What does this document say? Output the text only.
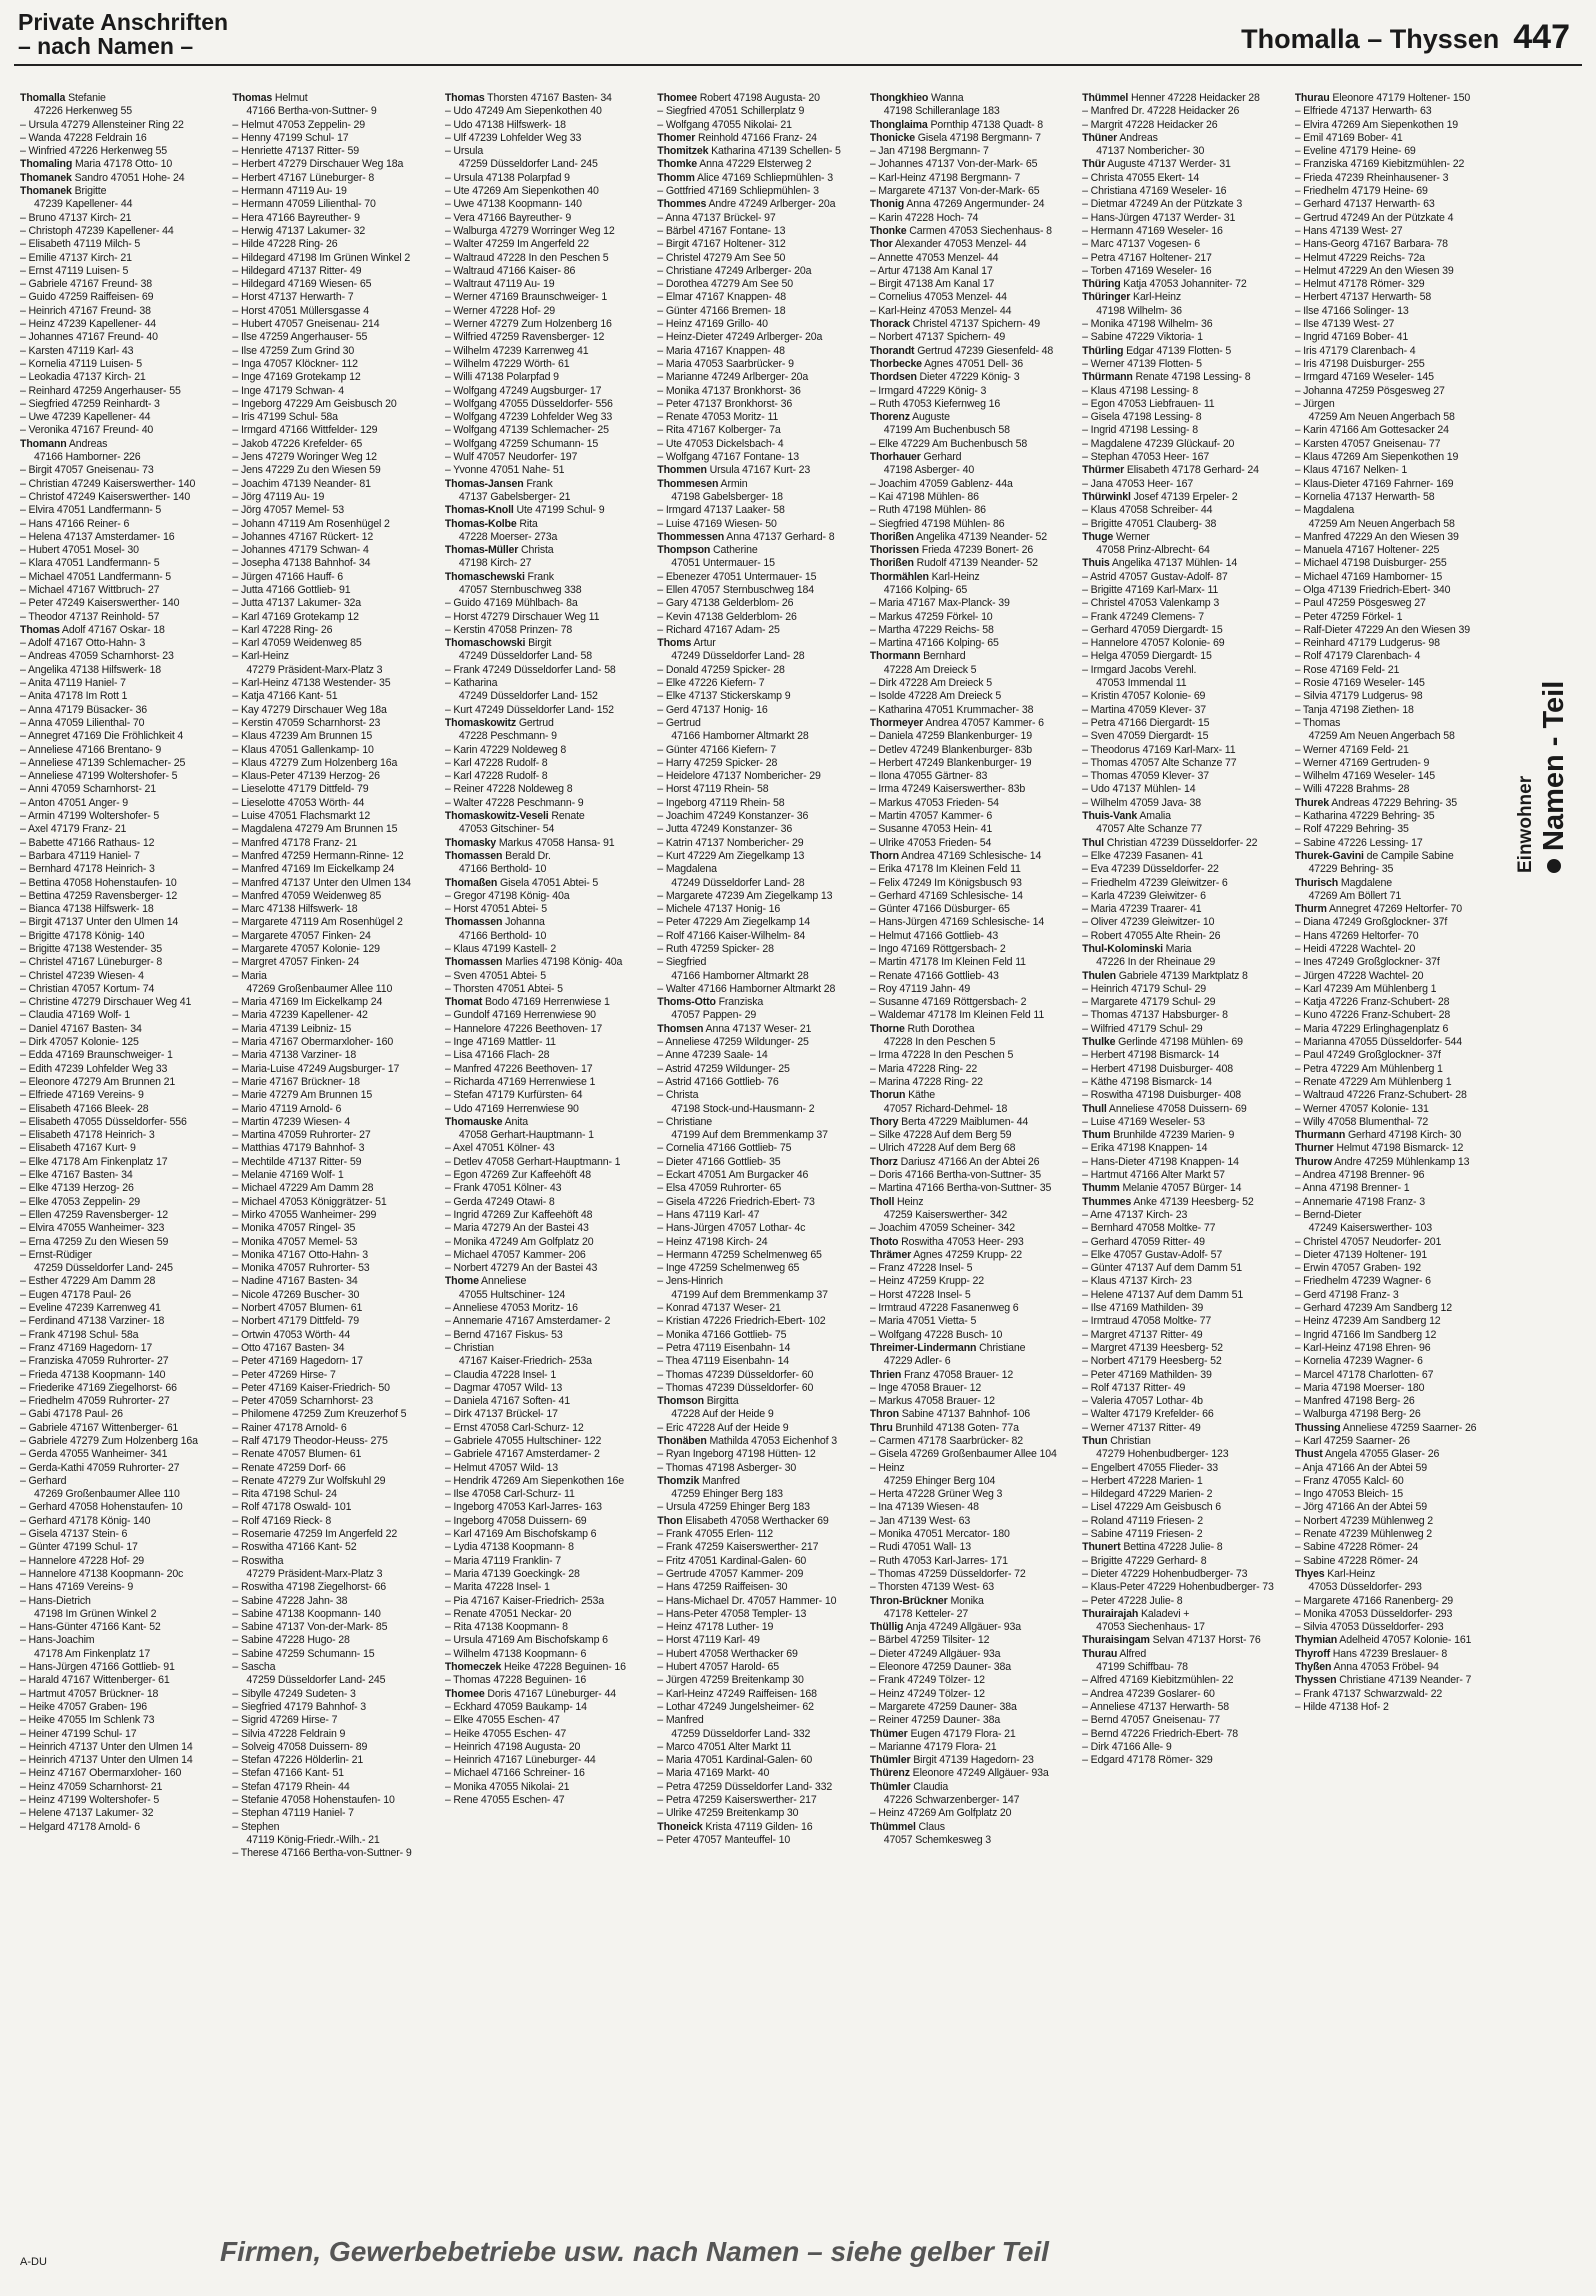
Private Anschriften
– nach Namen –	Thomalla – Thyssen 447
Thomalla Stefanie
47226 Herkenweg 55
– Ursula 47279 Allensteiner Ring 22
– Wanda 47228 Feldrain 16
– Winfried 47226 Herkenweg 55
Thomaling Maria 47178 Otto- 10
Thomanek Sandro 47051 Hohe- 24
Thomanek Brigitte
47239 Kapellener- 44
– Bruno 47137 Kirch- 21
– Christoph 47239 Kapellener- 44
– Elisabeth 47119 Milch- 5
– Emilie 47137 Kirch- 21
– Ernst 47119 Luisen- 5
– Gabriele 47167 Freund- 38
– Guido 47259 Raiffeisen- 69
– Heinrich 47167 Freund- 38
– Heinz 47239 Kapellener- 44
– Johannes 47167 Freund- 40
– Karsten 47119 Karl- 43
– Kornelia 47119 Luisen- 5
– Leokadia 47137 Kirch- 21
– Reinhard 47259 Angerhauser- 55
– Siegfried 47259 Reinhardt- 3
– Uwe 47239 Kapellener- 44
– Veronika 47167 Freund- 40
Thomann Andreas
47166 Hamborner- 226
– Birgit 47057 Gneisenau- 73
– Christian 47249 Kaiserswerther- 140
– Christof 47249 Kaiserswerther- 140
– Elvira 47051 Landfermann- 5
– Hans 47166 Reiner- 6
– Helena 47137 Amsterdamer- 16
– Hubert 47051 Mosel- 30
– Klara 47051 Landfermann- 5
– Michael 47051 Landfermann- 5
– Michael 47167 Wittbruch- 27
– Peter 47249 Kaiserswerther- 140
– Theodor 47137 Reinhold- 57
Thomas Adolf 47167 Oskar- 18
– Adolf 47167 Otto-Hahn- 3
– Andreas 47059 Scharnhorst- 23
– Angelika 47138 Hilfswerk- 18
– Anita 47119 Haniel- 7
– Anita 47178 Im Rott 1
– Anna 47179 Büsacker- 36
– Anna 47059 Lilienthal- 70
– Annegret 47169 Die Fröhlichkeit 4
– Anneliese 47166 Brentano- 9
– Anneliese 47139 Schlemacher- 25
– Anneliese 47199 Woltershofer- 5
– Anni 47059 Scharnhorst- 21
– Anton 47051 Anger- 9
– Armin 47199 Woltershofer- 5
– Axel 47179 Franz- 21
– Babette 47166 Rathaus- 12
– Barbara 47119 Haniel- 7
– Bernhard 47178 Heinrich- 3
– Bettina 47058 Hohenstaufen- 10
– Bettina 47259 Ravensberger- 12
– Bianca 47138 Hilfswerk- 18
– Birgit 47137 Unter den Ulmen 14
– Brigitte 47178 König- 140
– Brigitte 47138 Westender- 35
– Christel 47167 Lüneburger- 8
– Christel 47239 Wiesen- 4
– Christian 47057 Kortum- 74
– Christine 47279 Dirschauer Weg 41
– Claudia 47169 Wolf- 1
– Daniel 47167 Basten- 34
– Dirk 47057 Kolonie- 125
– Edda 47169 Braunschweiger- 1
– Edith 47239 Lohfelder Weg 33
– Eleonore 47279 Am Brunnen 21
– Elfriede 47169 Vereins- 9
– Elisabeth 47166 Bleek- 28
– Elisabeth 47055 Düsseldorfer- 556
– Elisabeth 47178 Heinrich- 3
– Elisabeth 47167 Kurt- 9
– Elke 47178 Am Finkenplatz 17
– Elke 47167 Basten- 34
– Elke 47139 Herzog- 26
– Elke 47053 Zeppelin- 29
– Ellen 47259 Ravensberger- 12
– Elvira 47055 Wanheimer- 323
– Erna 47259 Zu den Wiesen 59
– Ernst-Rüdiger
47259 Düsseldorfer Land- 245
– Esther 47229 Am Damm 28
– Eugen 47178 Paul- 26
– Eveline 47239 Karrenweg 41
– Ferdinand 47138 Varziner- 18
– Frank 47198 Schul- 58a
– Franz 47169 Hagedorn- 17
– Franziska 47059 Ruhrorter- 27
– Frieda 47138 Koopmann- 140
– Friederike 47169 Ziegelhorst- 66
– Friedhelm 47059 Ruhrorter- 27
– Gabi 47178 Paul- 26
– Gabriele 47167 Wittenberger- 61
– Gabriele 47279 Zum Holzenberg 16a
– Gerda 47055 Wanheimer- 341
– Gerda-Kathi 47059 Ruhrorter- 27
– Gerhard
47269 Großenbaumer Allee 110
– Gerhard 47058 Hohenstaufen- 10
– Gerhard 47178 König- 140
– Gisela 47137 Stein- 6
– Günter 47199 Schul- 17
– Hannelore 47228 Hof- 29
– Hannelore 47138 Koopmann- 20c
– Hans 47169 Vereins- 9
– Hans-Dietrich
47198 Im Grünen Winkel 2
– Hans-Günter 47166 Kant- 52
– Hans-Joachim
47178 Am Finkenplatz 17
– Hans-Jürgen 47166 Gottlieb- 91
– Harald 47167 Wittenberger- 61
– Hartmut 47057 Brückner- 18
– Heike 47057 Graben- 196
– Heike 47055 Im Schlenk 73
– Heiner 47199 Schul- 17
– Heinrich 47137 Unter den Ulmen 14
– Heinrich 47137 Unter den Ulmen 14
– Heinz 47167 Obermarxloher- 160
– Heinz 47059 Scharnhorst- 21
– Heinz 47199 Woltershofer- 5
– Helene 47137 Lakumer- 32
– Helgard 47178 Arnold- 6
Thomas Helmut
47166 Bertha-von-Suttner- 9
– Helmut 47053 Zeppelin- 29
– Henny 47199 Schul- 17
– Henriette 47137 Ritter- 59
– Herbert 47279 Dirschauer Weg 18a
– Herbert 47167 Lüneburger- 8
– Hermann 47119 Au- 19
– Hermann 47059 Lilienthal- 70
– Hera 47166 Bayreuther- 9
– Herwig 47137 Lakumer- 32
– Hilde 47228 Ring- 26
– Hildegard 47198 Im Grünen Winkel 2
– Hildegard 47137 Ritter- 49
– Hildegard 47169 Wiesen- 65
– Horst 47137 Herwarth- 7
– Horst 47051 Müllersgasse 4
– Hubert 47057 Gneisenau- 214
– Ilse 47259 Angerhauser- 55
– Ilse 47259 Zum Grind 30
– Inga 47057 Klöckner- 112
– Inge 47169 Grotekamp 12
– Inge 47179 Schwan- 4
– Ingeborg 47229 Am Geisbusch 20
– Iris 47199 Schul- 58a
– Irmgard 47166 Wittfelder- 129
– Jakob 47226 Krefelder- 65
– Jens 47279 Woringer Weg 12
– Jens 47229 Zu den Wiesen 59
– Joachim 47139 Neander- 81
– Jörg 47119 Au- 19
– Jörg 47057 Memel- 53
– Johann 47119 Am Rosenhügel 2
– Johannes 47167 Rückert- 12
– Johannes 47179 Schwan- 4
– Josepha 47138 Bahnhof- 34
– Jürgen 47166 Hauff- 6
– Jutta 47166 Gottlieb- 91
– Jutta 47137 Lakumer- 32a
– Karl 47169 Grotekamp 12
– Karl 47228 Ring- 26
– Karl 47059 Weidenweg 85
– Karl-Heinz
47279 Präsident-Marx-Platz 3
– Karl-Heinz 47138 Westender- 35
– Katja 47166 Kant- 51
– Kay 47279 Dirschauer Weg 18a
– Kerstin 47059 Scharnhorst- 23
– Klaus 47239 Am Brunnen 15
– Klaus 47051 Gallenkamp- 10
– Klaus 47279 Zum Holzenberg 16a
– Klaus-Peter 47139 Herzog- 26
– Lieselotte 47179 Dittfeld- 79
– Lieselotte 47053 Wörth- 44
– Luise 47051 Flachsmarkt 12
– Magdalena 47279 Am Brunnen 15
– Manfred 47178 Franz- 21
– Manfred 47259 Hermann-Rinne- 12
– Manfred 47169 Im Eickelkamp 24
– Manfred 47137 Unter den Ulmen 134
– Manfred 47059 Weidenweg 85
– Marc 47138 Hilfswerk- 18
– Margarete 47119 Am Rosenhügel 2
– Margarete 47057 Finken- 24
– Margarete 47057 Kolonie- 129
– Margret 47057 Finken- 24
– Maria
47269 Großenbaumer Allee 110
– Maria 47169 Im Eickelkamp 24
– Maria 47239 Kapellener- 42
– Maria 47139 Leibniz- 15
– Maria 47167 Obermarxloher- 160
– Maria 47138 Varziner- 18
– Maria-Luise 47249 Augsburger- 17
– Marie 47167 Brückner- 18
– Marie 47279 Am Brunnen 15
– Mario 47119 Arnold- 6
– Martin 47239 Wiesen- 4
– Martina 47059 Ruhrorter- 27
– Matthias 47179 Bahnhof- 3
– Mechtilde 47137 Ritter- 59
– Melanie 47169 Wolf- 1
– Michael 47229 Am Damm 28
– Michael 47053 Königgrätzer- 51
– Mirko 47055 Wanheimer- 299
– Monika 47057 Ringel- 35
– Monika 47057 Memel- 53
– Monika 47167 Otto-Hahn- 3
– Monika 47057 Ruhrorter- 53
– Nadine 47167 Basten- 34
– Nicole 47269 Buscher- 30
– Norbert 47057 Blumen- 61
– Norbert 47179 Dittfeld- 79
– Ortwin 47053 Wörth- 44
– Otto 47167 Basten- 34
– Peter 47169 Hagedorn- 17
– Peter 47269 Hirse- 7
– Peter 47169 Kaiser-Friedrich- 50
– Peter 47059 Scharnhorst- 23
– Philomene 47259 Zum Kreuzerhof 5
– Rainer 47178 Arnold- 6
– Ralf 47179 Theodor-Heuss- 275
– Renate 47057 Blumen- 61
– Renate 47259 Dorf- 66
– Renate 47279 Zur Wolfskuhl 29
– Rita 47198 Schul- 24
– Rolf 47178 Oswald- 101
– Rolf 47169 Rieck- 8
– Rosemarie 47259 Im Angerfeld 22
– Roswitha 47166 Kant- 52
– Roswitha
47279 Präsident-Marx-Platz 3
– Roswitha 47198 Ziegelhorst- 66
– Sabine 47228 Jahn- 38
– Sabine 47138 Koopmann- 140
– Sabine 47137 Von-der-Mark- 85
– Sabine 47228 Hugo- 28
– Sabine 47259 Schumann- 15
– Sascha
47259 Düsseldorfer Land- 245
– Sibylle 47249 Sudeten- 3
– Siegfried 47179 Bahnhof- 3
– Sigrid 47269 Hirse- 7
– Silvia 47228 Feldrain 9
– Solveig 47058 Duissern- 89
– Stefan 47226 Hölderlin- 21
– Stefan 47166 Kant- 51
– Stefan 47179 Rhein- 44
– Stefanie 47058 Hohenstaufen- 10
– Stephan 47119 Haniel- 7
– Stephen
47119 König-Friedr.-Wilh.- 21
– Therese 47166 Bertha-von-Suttner- 9
Thomas Thorsten 47167 Basten- 34
– Udo 47249 Am Siepenkothen 40
– Udo 47138 Hilfswerk- 18
– Ulf 47239 Lohfelder Weg 33
– Ursula
47259 Düsseldorfer Land- 245
– Ursula 47138 Polarpfad 9
– Ute 47269 Am Siepenkothen 40
– Uwe 47138 Koopmann- 140
– Vera 47166 Bayreuther- 9
– Walburga 47279 Worringer Weg 12
– Walter 47259 Im Angerfeld 22
– Waltraud 47228 In den Peschen 5
– Waltraud 47166 Kaiser- 86
– Waltraut 47119 Au- 19
– Werner 47169 Braunschweiger- 1
– Werner 47228 Hof- 29
– Werner 47279 Zum Holzenberg 16
– Wilfried 47259 Ravensberger- 12
– Wilhelm 47239 Karrenweg 41
– Wilhelm 47229 Wörth- 61
– Willi 47138 Polarpfad 9
– Wolfgang 47249 Augsburger- 17
– Wolfgang 47055 Düsseldorfer- 556
– Wolfgang 47239 Lohfelder Weg 33
– Wolfgang 47139 Schlemacher- 25
– Wolfgang 47259 Schumann- 15
– Wulf 47057 Neudorfer- 197
– Yvonne 47051 Nahe- 51
Thomas-Jansen Frank
47137 Gabelsberger- 21
Thomas-Knoll Ute 47199 Schul- 9
Thomas-Kolbe Rita
47228 Moerser- 273a
Thomas-Müller Christa
47198 Kirch- 27
Thomaschewski Frank
47057 Sternbuschweg 338
– Guido 47169 Mühlbach- 8a
– Horst 47279 Dirschauer Weg 11
– Kerstin 47058 Prinzen- 78
Thomaschowski Birgit
47249 Düsseldorfer Land- 58
– Frank 47249 Düsseldorfer Land- 58
– Katharina
47249 Düsseldorfer Land- 152
– Kurt 47249 Düsseldorfer Land- 152
Thomaskowitz Gertrud
47228 Peschmann- 9
– Karin 47229 Noldeweg 8
– Karl 47228 Rudolf- 8
– Karl 47228 Rudolf- 8
– Reiner 47228 Noldeweg 8
– Walter 47228 Peschmann- 9
Thomaskowitz-Veseli Renate
47053 Gitschiner- 54
Thomasky Markus 47058 Hansa- 91
Thomassen Berald Dr.
47166 Berthold- 10
Thomaßen Gisela 47051 Abtei- 5
– Gregor 47198 König- 40a
– Horst 47051 Abtei- 5
Thomassen Johanna
47166 Berthold- 10
– Klaus 47199 Kastell- 2
Thomassen Marlies 47198 König- 40a
– Sven 47051 Abtei- 5
– Thorsten 47051 Abtei- 5
Thomat Bodo 47169 Herrenwiese 1
– Gundolf 47169 Herrenwiese 90
– Hannelore 47226 Beethoven- 17
– Inge 47169 Mattler- 11
– Lisa 47166 Flach- 28
– Manfred 47226 Beethoven- 17
– Richarda 47169 Herrenwiese 1
– Stefan 47179 Kurfürsten- 64
– Udo 47169 Herrenwiese 90
Thomauske Anita
47058 Gerhart-Hauptmann- 1
– Axel 47051 Kölner- 43
– Detlev 47058 Gerhart-Hauptmann- 1
– Egon 47269 Zur Kaffeehöft 48
– Frank 47051 Kölner- 43
– Gerda 47249 Otawi- 8
– Ingrid 47269 Zur Kaffeehöft 48
– Maria 47279 An der Bastei 43
– Monika 47249 Am Golfplatz 20
– Michael 47057 Kammer- 206
– Norbert 47279 An der Bastei 43
Thome Anneliese
47055 Hultschiner- 124
– Anneliese 47053 Moritz- 16
– Annemarie 47167 Amsterdamer- 2
– Bernd 47167 Fiskus- 53
– Christian
47167 Kaiser-Friedrich- 253a
– Claudia 47228 Insel- 1
– Dagmar 47057 Wild- 13
– Daniela 47167 Soften- 41
– Dirk 47137 Brückel- 17
– Ernst 47058 Carl-Schurz- 12
– Gabriele 47055 Hultschiner- 122
– Gabriele 47167 Amsterdamer- 2
– Helmut 47057 Wild- 13
– Hendrik 47269 Am Siepenkothen 16e
– Ilse 47058 Carl-Schurz- 11
– Ingeborg 47053 Karl-Jarres- 163
– Ingeborg 47058 Duissern- 69
– Karl 47169 Am Bischofskamp 6
– Lydia 47138 Koopmann- 8
– Maria 47119 Franklin- 7
– Maria 47139 Goeckingk- 28
– Marita 47228 Insel- 1
– Pia 47167 Kaiser-Friedrich- 253a
– Renate 47051 Neckar- 20
– Rita 47138 Koopmann- 8
– Ursula 47169 Am Bischofskamp 6
– Wilhelm 47138 Koopmann- 6
Thomeczek Heike 47228 Beguinen- 16
– Thomas 47228 Beguinen- 16
Thomee Doris 47167 Lüneburger- 44
– Eckhard 47059 Baukamp- 14
– Elke 47055 Eschen- 47
– Heike 47055 Eschen- 47
– Heinrich 47198 Augusta- 20
– Heinrich 47167 Lüneburger- 44
– Michael 47166 Schreiner- 16
– Monika 47055 Nikolai- 21
– Rene 47055 Eschen- 47
Thomee Robert 47198 Augusta- 20
– Siegfried 47051 Schillerplatz 9
– Wolfgang 47055 Nikolai- 21
Thomer Reinhold 47166 Franz- 24
Thomitzek Katharina 47139 Schellen- 5
Thomke Anna 47229 Elsterweg 2
Thomm Alice 47169 Schliepmühlen- 3
– Gottfried 47169 Schliepmühlen- 3
Thommes Andre 47249 Arlberger- 20a
– Anna 47137 Brückel- 97
– Bärbel 47167 Fontane- 13
– Birgit 47167 Holtener- 312
– Christel 47279 Am See 50
– Christiane 47249 Arlberger- 20a
– Dorothea 47279 Am See 50
– Elmar 47167 Knappen- 48
– Günter 47166 Bremen- 18
– Heinz 47169 Grillo- 40
– Heinz-Dieter 47249 Arlberger- 20a
– Maria 47167 Knappen- 48
– Maria 47053 Saarbrücker- 9
– Marianne 47249 Arlberger- 20a
– Monika 47137 Bronkhorst- 36
– Peter 47137 Bronkhorst- 36
– Renate 47053 Moritz- 11
– Rita 47167 Kolberger- 7a
– Ute 47053 Dickelsbach- 4
– Wolfgang 47167 Fontane- 13
Thommen Ursula 47167 Kurt- 23
Thommesen Armin
47198 Gabelsberger- 18
– Irmgard 47137 Laaker- 58
– Luise 47169 Wiesen- 50
Thommessen Anna 47137 Gerhard- 8
Thompson Catherine
47051 Untermauer- 15
– Ebenezer 47051 Untermauer- 15
– Ellen 47057 Sternbuschweg 184
– Gary 47138 Gelderblom- 26
– Kevin 47138 Gelderblom- 26
– Richard 47167 Adam- 25
Thoms Artur
47249 Düsseldorfer Land- 28
– Donald 47259 Spicker- 28
– Elke 47226 Kiefern- 7
– Elke 47137 Stickerskamp 9
– Gerd 47137 Honig- 16
– Gertrud
47166 Hamborner Altmarkt 28
– Günter 47166 Kiefern- 7
– Harry 47259 Spicker- 28
– Heidelore 47137 Nombericher- 29
– Horst 47119 Rhein- 58
– Ingeborg 47119 Rhein- 58
– Joachim 47249 Konstanzer- 36
– Jutta 47249 Konstanzer- 36
– Katrin 47137 Nombericher- 29
– Kurt 47229 Am Ziegelkamp 13
– Magdalena
47249 Düsseldorfer Land- 28
– Margarete 47239 Am Ziegelkamp 13
– Michele 47137 Honig- 16
– Peter 47229 Am Ziegelkamp 14
– Rolf 47166 Kaiser-Wilhelm- 84
– Ruth 47259 Spicker- 28
– Siegfried
47166 Hamborner Altmarkt 28
– Walter 47166 Hamborner Altmarkt 28
Thoms-Otto Franziska
47057 Pappen- 29
Thomsen Anna 47137 Weser- 21
– Anneliese 47259 Wildunger- 25
– Anne 47239 Saale- 14
– Astrid 47259 Wildunger- 25
– Astrid 47166 Gottlieb- 76
– Christa
47198 Stock-und-Hausmann- 2
– Christiane
47199 Auf dem Bremmenkamp 37
– Cornelia 47166 Gottlieb- 75
– Dieter 47166 Gottlieb- 35
– Eckart 47051 Am Burgacker 46
– Elsa 47059 Ruhrorter- 65
– Gisela 47226 Friedrich-Ebert- 73
– Hans 47119 Karl- 47
– Hans-Jürgen 47057 Lothar- 4c
– Heinz 47198 Kirch- 24
– Hermann 47259 Schelmenweg 65
– Inge 47259 Schelmenweg 65
– Jens-Hinrich
47199 Auf dem Bremmenkamp 37
– Konrad 47137 Weser- 21
– Kristian 47226 Friedrich-Ebert- 102
– Monika 47166 Gottlieb- 75
– Petra 47119 Eisenbahn- 14
– Thea 47119 Eisenbahn- 14
– Thomas 47239 Düsseldorfer- 60
– Thomas 47239 Düsseldorfer- 60
Thomson Birgitta
47228 Auf der Heide 9
– Eric 47228 Auf der Heide 9
Thonäben Mathilda 47053 Eichenhof 3
– Ryan Ingeborg 47198 Hütten- 12
– Thomas 47198 Asberger- 30
Thomzik Manfred
47259 Ehinger Berg 183
– Ursula 47259 Ehinger Berg 183
Thon Elisabeth 47058 Werthacker 69
– Frank 47055 Erlen- 112
– Frank 47259 Kaiserswerther- 217
– Fritz 47051 Kardinal-Galen- 60
– Gertrude 47057 Kammer- 209
– Hans 47259 Raiffeisen- 30
– Hans-Michael Dr. 47057 Hammer- 10
– Hans-Peter 47058 Templer- 13
– Heinz 47178 Luther- 19
– Horst 47119 Karl- 49
– Hubert 47058 Werthacker 69
– Hubert 47057 Harold- 65
– Jürgen 47259 Breitenkamp 30
– Karl-Heinz 47249 Raiffeisen- 168
– Lothar 47249 Jungelsheimer- 62
– Manfred
47259 Düsseldorfer Land- 332
– Marco 47051 Alter Markt 11
– Maria 47051 Kardinal-Galen- 60
– Maria 47169 Markt- 40
– Petra 47259 Düsseldorfer Land- 332
– Petra 47259 Kaiserswerther- 217
– Ulrike 47259 Breitenkamp 30
Thoneick Krista 47119 Gilden- 16
– Peter 47057 Manteuffel- 10
Thongkhieo Wanna
47198 Schilleranlage 183
Thonglaima Pornthip 47138 Quadt- 8
Thonicke Gisela 47198 Bergmann- 7
– Jan 47198 Bergmann- 7
– Johannes 47137 Von-der-Mark- 65
– Karl-Heinz 47198 Bergmann- 7
– Margarete 47137 Von-der-Mark- 65
Thonig Anna 47269 Angermunder- 24
– Karin 47228 Hoch- 74
Thonke Carmen 47053 Siechenhaus- 8
Thor Alexander 47053 Menzel- 44
– Annette 47053 Menzel- 44
– Artur 47138 Am Kanal 17
– Birgit 47138 Am Kanal 17
– Cornelius 47053 Menzel- 44
– Karl-Heinz 47053 Menzel- 44
Thorack Christel 47137 Spichern- 49
– Norbert 47137 Spichern- 49
Thorandt Gertrud 47239 Giesenfeld- 48
Thorbecke Agnes 47051 Dell- 36
Thordsen Dieter 47229 König- 3
– Irmgard 47229 König- 3
– Ruth 47053 Kiefernweg 16
Thorenz Auguste
47199 Am Buchenbusch 58
– Elke 47229 Am Buchenbusch 58
Thorhauer Gerhard
47198 Asberger- 40
– Joachim 47059 Gablenz- 44a
– Kai 47198 Mühlen- 86
– Ruth 47198 Mühlen- 86
– Siegfried 47198 Mühlen- 86
Thorißen Angelika 47139 Neander- 52
Thorissen Frieda 47239 Bonert- 26
Thorißen Rudolf 47139 Neander- 52
Thormählen Karl-Heinz
47166 Kolping- 65
– Maria 47167 Max-Planck- 39
– Markus 47259 Förkel- 10
– Martha 47229 Reichs- 58
– Martina 47166 Kolping- 65
Thormann Bernhard
47228 Am Dreieck 5
– Dirk 47228 Am Dreieck 5
– Isolde 47228 Am Dreieck 5
– Katharina 47051 Krummacher- 38
Thormeyer Andrea 47057 Kammer- 6
– Daniela 47259 Blankenburger- 19
– Detlev 47249 Blankenburger- 83b
– Herbert 47249 Blankenburger- 19
– Ilona 47055 Gärtner- 83
– Irma 47249 Kaiserswerther- 83b
– Markus 47053 Frieden- 54
– Martin 47057 Kammer- 6
– Susanne 47053 Hein- 41
– Ulrike 47053 Frieden- 54
Thorn Andrea 47169 Schlesische- 14
– Erika 47178 Im Kleinen Feld 11
– Felix 47249 Im Königsbusch 93
– Gerhard 47169 Schlesische- 14
– Günter 47166 Düsburger- 65
– Hans-Jürgen 47169 Schlesische- 14
– Helmut 47166 Gottlieb- 43
– Ingo 47169 Röttgersbach- 2
– Martin 47178 Im Kleinen Feld 11
– Renate 47166 Gottlieb- 43
– Roy 47119 Jahn- 49
– Susanne 47169 Röttgersbach- 2
– Waldemar 47178 Im Kleinen Feld 11
Thorne Ruth Dorothea
47228 In den Peschen 5
– Irma 47228 In den Peschen 5
– Maria 47228 Ring- 22
– Marina 47228 Ring- 22
Thorun Käthe
47057 Richard-Dehmel- 18
Thory Berta 47229 Maiblumen- 44
– Silke 47228 Auf dem Berg 59
– Ulrich 47228 Auf dem Berg 68
Thorz Dariusz 47166 An der Abtei 26
– Doris 47166 Bertha-von-Suttner- 35
– Martina 47166 Bertha-von-Suttner- 35
Tholl Heinz
47259 Kaiserswerther- 342
– Joachim 47059 Scheiner- 342
Thoto Roswitha 47053 Heer- 293
Thrämer Agnes 47259 Krupp- 22
– Franz 47228 Insel- 5
– Heinz 47259 Krupp- 22
– Horst 47228 Insel- 5
– Irmtraud 47228 Fasanenweg 6
– Maria 47051 Vietta- 5
– Wolfgang 47228 Busch- 10
Threimer-Lindermann Christiane
47229 Adler- 6
Thrien Franz 47058 Brauer- 12
– Inge 47058 Brauer- 12
– Markus 47058 Brauer- 12
Thron Sabine 47137 Bahnhof- 106
Thru Brunhild 47138 Goten- 77a
– Carmen 47178 Saarbrücker- 82
– Gisela 47269 Großenbaumer Allee 104
– Heinz
47259 Ehinger Berg 104
– Herta 47228 Grüner Weg 3
– Ina 47139 Wiesen- 48
– Jan 47139 West- 63
– Monika 47051 Mercator- 180
– Rudi 47051 Wall- 13
– Ruth 47053 Karl-Jarres- 171
– Thomas 47259 Düsseldorfer- 72
– Thorsten 47139 West- 63
Thron-Brückner Monika
47178 Ketteler- 27
Thüllig Anja 47249 Allgäuer- 93a
– Bärbel 47259 Tilsiter- 12
– Dieter 47249 Allgäuer- 93a
– Eleonore 47259 Dauner- 38a
– Frank 47249 Tölzer- 12
– Heinz 47249 Tölzer- 12
– Margarete 47259 Dauner- 38a
– Reiner 47259 Dauner- 38a
Thümer Eugen 47179 Flora- 21
– Marianne 47179 Flora- 21
Thümler Birgit 47139 Hagedorn- 23
Thürenz Eleonore 47249 Allgäuer- 93a
Thümler Claudia
47226 Schwarzenberger- 147
– Heinz 47269 Am Golfplatz 20
Thümmel Claus
47057 Schemkesweg 3
Thümmel Henner 47228 Heidacker 28
– Manfred Dr. 47228 Heidacker 26
– Margrit 47228 Heidacker 26
Thüner Andreas
47137 Nombericher- 30
Thür Auguste 47137 Werder- 31
– Christa 47055 Ekert- 14
– Christiana 47169 Weseler- 16
– Dietmar 47249 An der Pützkate 3
– Hans-Jürgen 47137 Werder- 31
– Hermann 47169 Weseler- 16
– Marc 47137 Vogesen- 6
– Petra 47167 Holtener- 217
– Torben 47169 Weseler- 16
Thüring Katja 47053 Johanniter- 72
Thüringer Karl-Heinz
47198 Wilhelm- 36
– Monika 47198 Wilhelm- 36
– Sabine 47229 Viktoria- 1
Thürling Edgar 47139 Flotten- 5
– Werner 47139 Flotten- 5
Thürmann Renate 47198 Lessing- 8
– Klaus 47198 Lessing- 8
– Egon 47053 Liebfrauen- 11
– Gisela 47198 Lessing- 8
– Ingrid 47198 Lessing- 8
– Magdalene 47239 Glückauf- 20
– Stephan 47053 Heer- 167
Thürmer Elisabeth 47178 Gerhard- 24
– Jana 47053 Heer- 167
Thürwinkl Josef 47139 Erpeler- 2
– Klaus 47058 Schreiber- 44
– Brigitte 47051 Clauberg- 38
Thuge Werner
47058 Prinz-Albrecht- 64
Thuis Angelika 47137 Mühlen- 14
– Astrid 47057 Gustav-Adolf- 87
– Brigitte 47169 Karl-Marx- 11
– Christel 47053 Valenkamp 3
– Frank 47249 Clemens- 7
– Gerhard 47059 Diergardt- 15
– Hannelore 47057 Kolonie- 69
– Helga 47059 Diergardt- 15
– Irmgard Jacobs Verehl.
47053 Immendal 11
– Kristin 47057 Kolonie- 69
– Martina 47059 Klever- 37
– Petra 47166 Diergardt- 15
– Sven 47059 Diergardt- 15
– Theodorus 47169 Karl-Marx- 11
– Thomas 47057 Alte Schanze 77
– Thomas 47059 Klever- 37
– Udo 47137 Mühlen- 14
– Wilhelm 47059 Java- 38
Thuis-Vank Amalia
47057 Alte Schanze 77
Thul Christian 47239 Düsseldorfer- 22
– Elke 47239 Fasanen- 41
– Eva 47239 Düsseldorfer- 22
– Friedhelm 47239 Gleiwitzer- 6
– Karla 47239 Gleiwitzer- 6
– Maria 47239 Traarer- 41
– Oliver 47239 Gleiwitzer- 10
– Robert 47055 Alte Rhein- 26
Thul-Kolominski Maria
47226 In der Rheinaue 29
Thulen Gabriele 47139 Marktplatz 8
– Heinrich 47179 Schul- 29
– Margarete 47179 Schul- 29
– Thomas 47137 Habsburger- 8
– Wilfried 47179 Schul- 29
Thulke Gerlinde 47198 Mühlen- 69
– Herbert 47198 Bismarck- 14
– Herbert 47198 Duisburger- 408
– Käthe 47198 Bismarck- 14
– Roswitha 47198 Duisburger- 408
Thull Anneliese 47058 Duissern- 69
– Luise 47169 Weseler- 53
Thum Brunhilde 47239 Marien- 9
– Erika 47198 Knappen- 14
– Hans-Dieter 47198 Knappen- 14
– Hartmut 47166 Alter Markt 57
Thumm Melanie 47057 Bürger- 14
Thummes Anke 47139 Heesberg- 52
– Arne 47137 Kirch- 23
– Bernhard 47058 Moltke- 77
– Gerhard 47059 Ritter- 49
– Elke 47057 Gustav-Adolf- 57
– Günter 47137 Auf dem Damm 51
– Klaus 47137 Kirch- 23
– Helene 47137 Auf dem Damm 51
– Ilse 47169 Mathilden- 39
– Irmtraud 47058 Moltke- 77
– Margret 47137 Ritter- 49
– Margret 47139 Heesberg- 52
– Norbert 47179 Heesberg- 52
– Peter 47169 Mathilden- 39
– Rolf 47137 Ritter- 49
– Valeria 47057 Lothar- 4b
– Walter 47179 Krefelder- 66
– Werner 47137 Ritter- 49
Thun Christian
47279 Hohenbudberger- 123
– Engelbert 47055 Flieder- 33
– Herbert 47228 Marien- 1
– Hildegard 47229 Marien- 2
– Lisel 47229 Am Geisbusch 6
– Roland 47119 Friesen- 2
– Sabine 47119 Friesen- 2
Thunert Bettina 47228 Julie- 8
– Brigitte 47229 Gerhard- 8
– Dieter 47229 Hohenbudberger- 73
– Klaus-Peter 47229 Hohenbudberger- 73
– Peter 47228 Julie- 8
Thurairajah Kaladevi +
47053 Siechenhaus- 17
Thuraisingam Selvan 47137 Horst- 76
Thurau Alfred
47199 Schiffbau- 78
– Alfred 47169 Kiebitzmühlen- 22
– Andrea 47239 Goslarer- 60
– Anneliese 47137 Herwarth- 58
– Bernd 47057 Gneisenau- 77
– Bernd 47226 Friedrich-Ebert- 78
– Dirk 47166 Alle- 9
– Edgard 47178 Römer- 329
Thurau Eleonore 47179 Holtener- 150
– Elfriede 47137 Herwarth- 63
– Elvira 47269 Am Siepenkothen 19
– Emil 47169 Bober- 41
– Eveline 47179 Heine- 69
– Franziska 47169 Kiebitzmühlen- 22
– Frieda 47239 Rheinhausener- 3
– Friedhelm 47179 Heine- 69
– Gerhard 47137 Herwarth- 63
– Gertrud 47249 An der Pützkate 4
– Hans 47139 West- 27
– Hans-Georg 47167 Barbara- 78
– Helmut 47229 Reichs- 72a
– Helmut 47229 An den Wiesen 39
– Helmut 47178 Römer- 329
– Herbert 47137 Herwarth- 58
– Ilse 47166 Solinger- 13
– Ilse 47139 West- 27
– Ingrid 47169 Bober- 41
– Iris 47179 Clarenbach- 4
– Iris 47198 Duisburger- 255
– Irmgard 47169 Weseler- 145
– Johanna 47259 Pösgesweg 27
– Jürgen
47259 Am Neuen Angerbach 58
– Karin 47166 Am Gottesacker 24
– Karsten 47057 Gneisenau- 77
– Klaus 47269 Am Siepenkothen 19
– Klaus 47167 Nelken- 1
– Klaus-Dieter 47169 Fahrner- 169
– Kornelia 47137 Herwarth- 58
– Magdalena
47259 Am Neuen Angerbach 58
– Manfred 47229 An den Wiesen 39
– Manuela 47167 Holtener- 225
– Michael 47198 Duisburger- 255
– Michael 47169 Hamborner- 15
– Olga 47139 Friedrich-Ebert- 340
– Paul 47259 Pösgesweg 27
– Peter 47259 Förkel- 1
– Ralf-Dieter 47229 An den Wiesen 39
– Reinhard 47179 Ludgerus- 98
– Rolf 47179 Clarenbach- 4
– Rose 47169 Feld- 21
– Rosie 47169 Weseler- 145
– Silvia 47179 Ludgerus- 98
– Tanja 47198 Ziethen- 18
– Thomas
47259 Am Neuen Angerbach 58
– Werner 47169 Feld- 21
– Werner 47169 Gertruden- 9
– Wilhelm 47169 Weseler- 145
– Willi 47228 Brahms- 28
Thurek Andreas 47229 Behring- 35
– Katharina 47229 Behring- 35
– Rolf 47229 Behring- 35
– Sabine 47226 Lessing- 17
Thurek-Gavini de Campile Sabine
47229 Behring- 35
Thurisch Magdalene
47269 Am Böllert 71
Thurm Annegret 47269 Heltorfer- 70
– Diana 47249 Großglockner- 37f
– Hans 47269 Heltorfer- 70
– Heidi 47228 Wachtel- 20
– Ines 47249 Großglockner- 37f
– Jürgen 47228 Wachtel- 20
– Karl 47239 Am Mühlenberg 1
– Katja 47226 Franz-Schubert- 28
– Kuno 47226 Franz-Schubert- 28
– Maria 47229 Erlinghagenplatz 6
– Marianna 47055 Düsseldorfer- 544
– Paul 47249 Großglockner- 37f
– Petra 47229 Am Mühlenberg 1
– Renate 47229 Am Mühlenberg 1
– Waltraud 47226 Franz-Schubert- 28
– Werner 47057 Kolonie- 131
– Willy 47058 Blumenthal- 72
Thurmann Gerhard 47198 Kirch- 30
Thurner Helmut 47198 Bismarck- 12
Thurow Andre 47259 Mühlenkamp 13
– Andrea 47198 Brenner- 96
– Anna 47198 Brenner- 1
– Annemarie 47198 Franz- 3
– Bernd-Dieter
47249 Kaiserswerther- 103
– Christel 47057 Neudorfer- 201
– Dieter 47139 Holtener- 191
– Erwin 47057 Graben- 192
– Friedhelm 47239 Wagner- 6
– Gerd 47198 Franz- 3
– Gerhard 47239 Am Sandberg 12
– Heinz 47239 Am Sandberg 12
– Ingrid 47166 Im Sandberg 12
– Karl-Heinz 47198 Ehren- 96
– Kornelia 47239 Wagner- 6
– Marcel 47178 Charlotten- 67
– Maria 47198 Moerser- 180
– Manfred 47198 Berg- 26
– Walburga 47198 Berg- 26
Thussing Anneliese 47259 Saarner- 26
– Karl 47259 Saarner- 26
Thust Angela 47055 Glaser- 26
– Anja 47166 An der Abtei 59
– Franz 47055 Kalcl- 60
– Ingo 47053 Bleich- 15
– Jörg 47166 An der Abtei 59
– Norbert 47239 Mühlenweg 2
– Renate 47239 Mühlenweg 2
– Sabine 47228 Römer- 24
– Sabine 47228 Römer- 24
Thyes Karl-Heinz
47053 Düsseldorfer- 293
– Margarete 47166 Ranenberg- 29
– Monika 47053 Düsseldorfer- 293
– Silvia 47053 Düsseldorfer- 293
Thymian Adelheid 47057 Kolonie- 161
Thyroff Hans 47239 Breslauer- 8
Thyßen Anna 47053 Fröbel- 94
Thyssen Christiane 47139 Neander- 7
– Frank 47137 Schwarzwald- 22
– Hilde 47138 Hof- 2
Einwohner Namen - Teil
A-DU	Firmen, Gewerbebetriebe usw. nach Namen – siehe gelber Teil
